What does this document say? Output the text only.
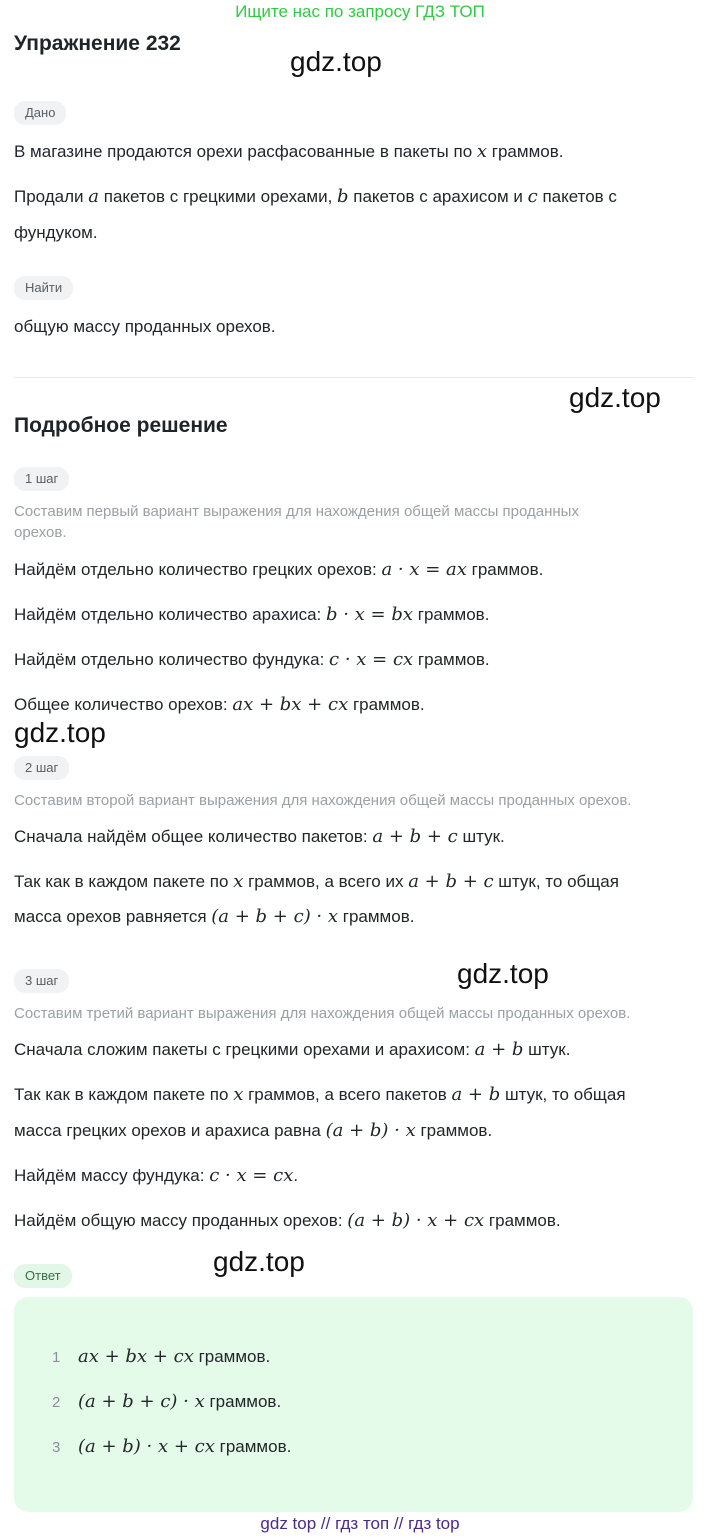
Ищите нас по запросу ГДЗ ТОП
Упражнение 232
gdz.top
gdz.top
gdz.top
gdz.top
gdz.top
Дано
В магазине продаются орехи расфасованные в пакеты по x граммов.
Продали a пакетов с грецкими орехами, b пакетов с арахисом и c пакетов с
фундуком.
Найти
общую массу проданных орехов.
Подробное решение
1 шаг
Составим первый вариант выражения для нахождения общей массы проданных
орехов.
Найдём отдельно количество грецких орехов: a · x = ax граммов.
Найдём отдельно количество арахиса: b · x = bx граммов.
Найдём отдельно количество фундука: c · x = cx граммов.
Общее количество орехов: ax + bx + cx граммов.
2 шаг
Составим второй вариант выражения для нахождения общей массы проданных орехов.
Сначала найдём общее количество пакетов: a + b + c штук.
Так как в каждом пакете по x граммов, а всего их a + b + c штук, то общая
масса орехов равняется (a + b + c) · x граммов.
3 шаг
Составим третий вариант выражения для нахождения общей массы проданных орехов.
Сначала сложим пакеты с грецкими орехами и арахисом: a + b штук.
Так как в каждом пакете по x граммов, а всего пакетов a + b штук, то общая
масса грецких орехов и арахиса равна (a + b) · x граммов.
Найдём массу фундука: c · x = cx.
Найдём общую массу проданных орехов: (a + b) · x + cx граммов.
Ответ
1 ax + bx + cx граммов.
2 (a + b + c) · x граммов.
3 (a + b) · x + cx граммов.
gdz top // гдз топ // гдз top
